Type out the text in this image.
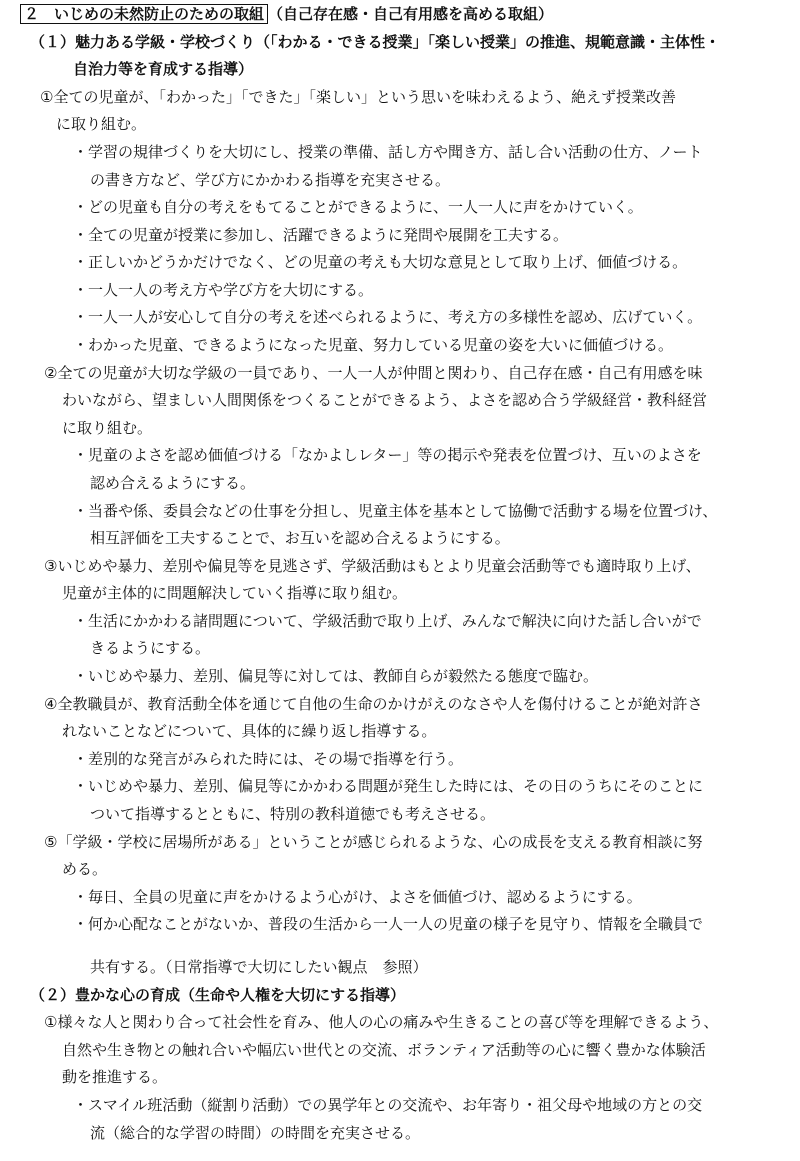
２　いじめの未然防止のための取組 （自己存在感・自己有用感を高める取組）
（１）魅力ある学級・学校づくり（「わかる・できる授業」「楽しい授業」の推進、規範意識・主体性・
自治力等を育成する指導）
①全ての児童が、「わかった」「できた」「楽しい」という思いを味わえるよう、絶えず授業改善
に取り組む。
・学習の規律づくりを大切にし、授業の準備、話し方や聞き方、話し合い活動の仕方、ノート
の書き方など、学び方にかかわる指導を充実させる。
・どの児童も自分の考えをもてることができるように、一人一人に声をかけていく。
・全ての児童が授業に参加し、活躍できるように発問や展開を工夫する。
・正しいかどうかだけでなく、どの児童の考えも大切な意見として取り上げ、価値づける。
・一人一人の考え方や学び方を大切にする。
・一人一人が安心して自分の考えを述べられるように、考え方の多様性を認め、広げていく。
・わかった児童、できるようになった児童、努力している児童の姿を大いに価値づける。
②全ての児童が大切な学級の一員であり、一人一人が仲間と関わり、自己存在感・自己有用感を味
わいながら、望ましい人間関係をつくることができるよう、よさを認め合う学級経営・教科経営
に取り組む。
・児童のよさを認め価値づける「なかよしレター」等の掲示や発表を位置づけ、互いのよさを
認め合えるようにする。
・当番や係、委員会などの仕事を分担し、児童主体を基本として協働で活動する場を位置づけ、
相互評価を工夫することで、お互いを認め合えるようにする。
③いじめや暴力、差別や偏見等を見逃さず、学級活動はもとより児童会活動等でも適時取り上げ、
児童が主体的に問題解決していく指導に取り組む。
・生活にかかわる諸問題について、学級活動で取り上げ、みんなで解決に向けた話し合いがで
きるようにする。
・いじめや暴力、差別、偏見等に対しては、教師自らが毅然たる態度で臨む。
④全教職員が、教育活動全体を通じて自他の生命のかけがえのなさや人を傷付けることが絶対許さ
れないことなどについて、具体的に繰り返し指導する。
・差別的な発言がみられた時には、その場で指導を行う。
・いじめや暴力、差別、偏見等にかかわる問題が発生した時には、その日のうちにそのことに
ついて指導するとともに、特別の教科道徳でも考えさせる。
⑤「学級・学校に居場所がある」ということが感じられるような、心の成長を支える教育相談に努
める。
・毎日、全員の児童に声をかけるよう心がけ、よさを価値づけ、認めるようにする。
・何か心配なことがないか、普段の生活から一人一人の児童の様子を見守り、情報を全職員で
共有する。（日常指導で大切にしたい観点　参照）
（２）豊かな心の育成（生命や人権を大切にする指導）
①様々な人と関わり合って社会性を育み、他人の心の痛みや生きることの喜び等を理解できるよう、
自然や生き物との触れ合いや幅広い世代との交流、ボランティア活動等の心に響く豊かな体験活
動を推進する。
・スマイル班活動（縦割り活動）での異学年との交流や、お年寄り・祖父母や地域の方との交
流（総合的な学習の時間）の時間を充実させる。
